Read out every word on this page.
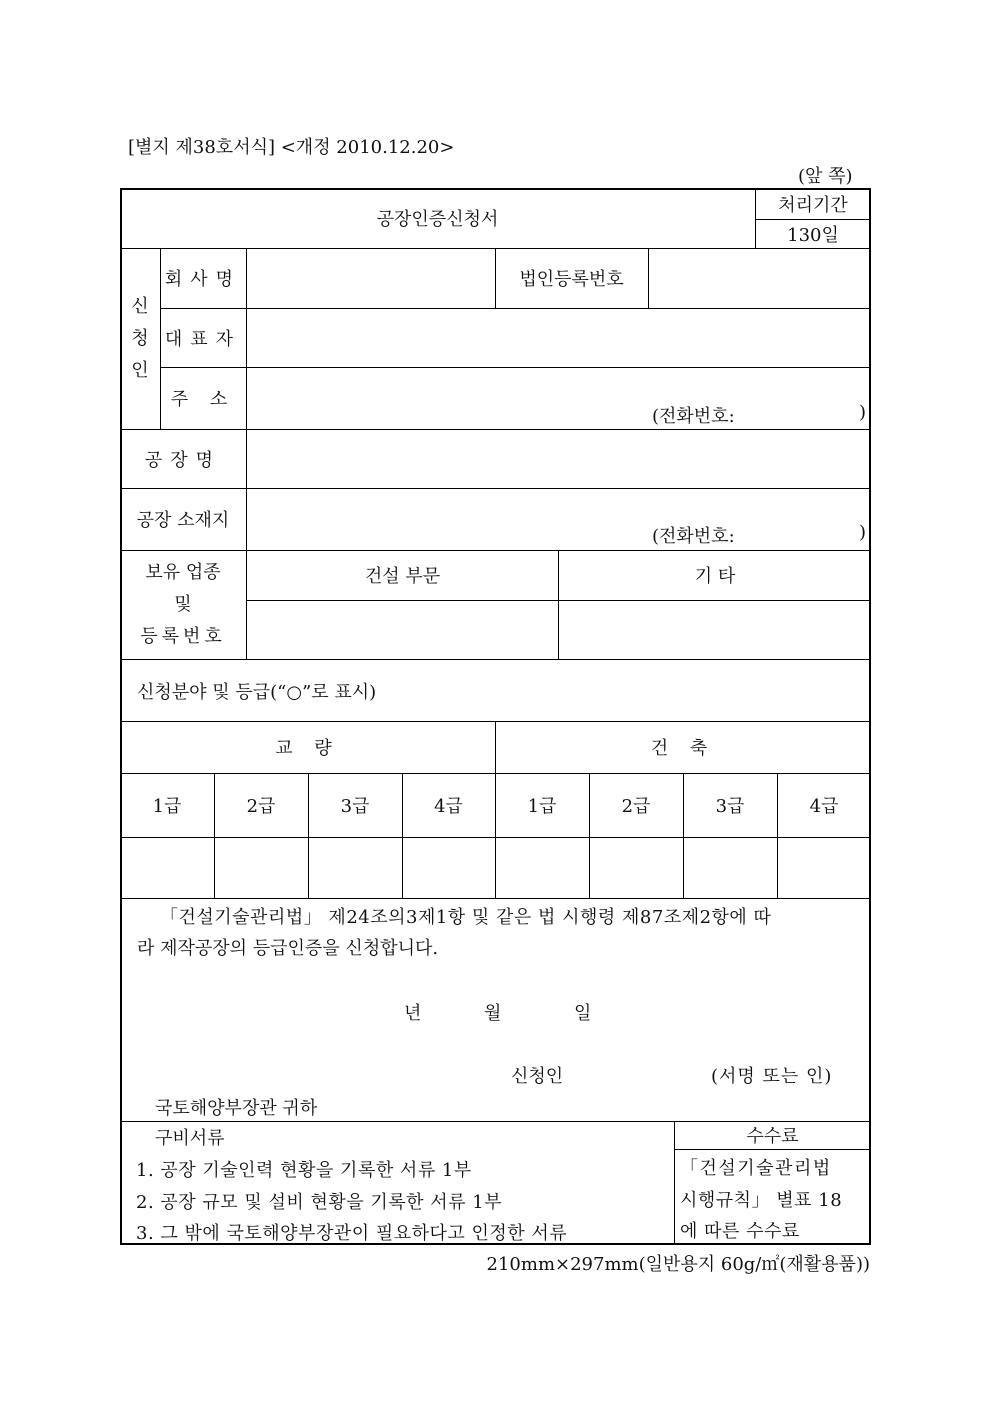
[별지 제38호서식] <개정 2010.12.20>
(앞 쪽)
공장인증신청서
처리기간
130일
신
청
인
회사명	법인등록번호
대표자
주 소
(전화번호:	)
공장명
공장 소재지
(전화번호:	)
보유 업종
및
등록번호
건설 부문	기 타
신청분야 및 등급(“○”로 표시)
교 량	건 축
1급	2급	3급	4급	1급	2급	3급	4급
「건설기술관리법」 제24조의3제1항 및 같은 법 시행령 제87조제2항에 따
라 제작공장의 등급인증을 신청합니다.
년	월	일
신청인	(서명 또는 인)
국토해양부장관 귀하
구비서류
1. 공장 기술인력 현황을 기록한 서류 1부
2. 공장 규모 및 설비 현황을 기록한 서류 1부
3. 그 밖에 국토해양부장관이 필요하다고 인정한 서류
수수료
「건설기술관리법
시행규칙」 별표 18
에 따른 수수료
210mm×297mm(일반용지 60g/㎡(재활용품))
